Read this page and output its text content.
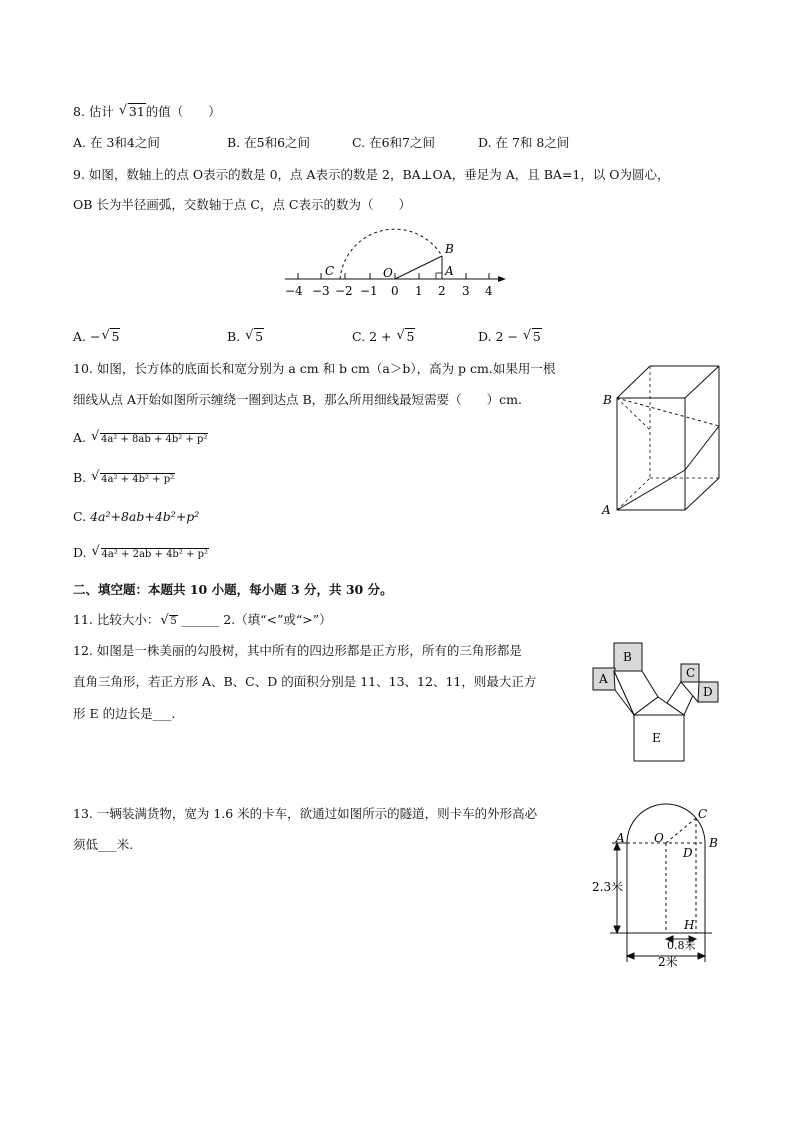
8. 估计 √ 31的值（　　）
A. 在 3和4之间	B. 在5和6之间	C. 在6和7之间	D. 在 7和 8之间
9. 如图，数轴上的点 O表示的数是 0，点 A表示的数是 2，BA⊥OA，垂足为 A，且 BA=1，以 O为圆心，
OB 长为半径画弧，交数轴于点 C，点 C表示的数为（　　）
−4 −3 −2 −1 0 1 2 3 4
C	O	A
B
A. − √ 5	B. √ 5	C. 2 + √ 5	D. 2 − √ 5
10. 如图，长方体的底面长和宽分别为 a cm 和 b cm（a＞b），高为 p cm.如果用一根
细线从点 A开始如图所示缠绕一圈到达点 B，那么所用细线最短需要（　　）cm.
A. √ 4a² + 8ab + 4b² + p²
B. √ 4a² + 4b² + p²
C. 4a²+8ab+4b²+p²
D. √ 4a² + 2ab + 4b² + p²
B
A
二、填空题：本题共 10 小题，每小题 3 分，共 30 分。
11. 比较大小： √ 5 ______ 2.（填“<”或“>”）
12. 如图是一株美丽的勾股树，其中所有的四边形都是正方形，所有的三角形都是
直角三角形，若正方形 A、B、C、D 的面积分别是 11、13、12、11，则最大正方
形 E 的边长是___.
B
A	C
D
E
13. 一辆装满货物，宽为 1.6 米的卡车，欲通过如图所示的隧道，则卡车的外形高必
须低___米.	A O
C
D
B
H
2.3米
0.8米
2米
